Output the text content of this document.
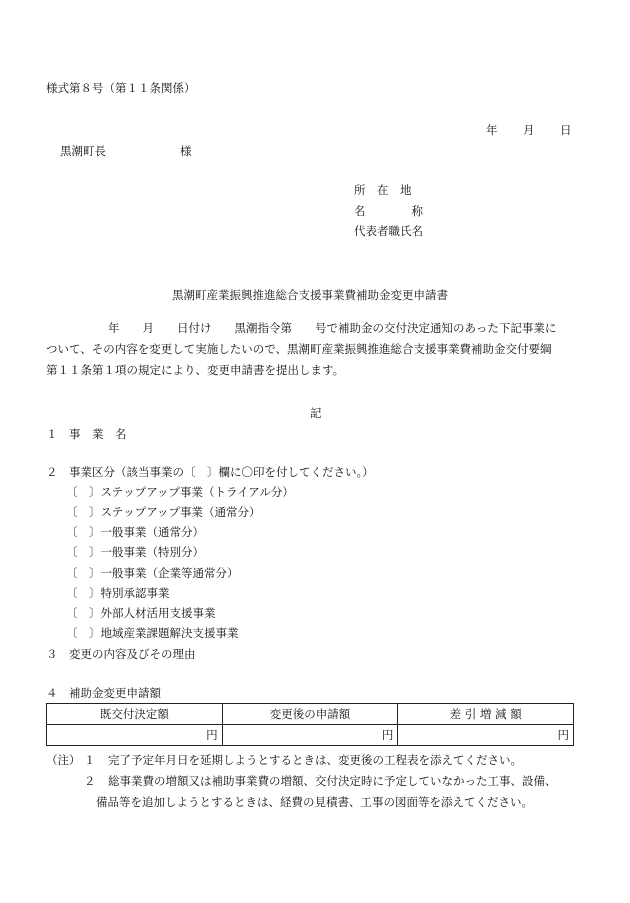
様式第８号（第１１条関係）
年 月 日
黒潮町長	様
所　在　地
名　　　　称
代表者職氏名
黒潮町産業振興推進総合支援事業費補助金変更申請書
年　　月　　日付け　　黒潮指令第　　号で補助金の交付決定通知のあった下記事業に
ついて、その内容を変更して実施したいので、黒潮町産業振興推進総合支援事業費補助金交付要綱
第１１条第１項の規定により、変更申請書を提出します。
記
１　事　業　名
２　事業区分（該当事業の〔　〕欄に〇印を付してください。）
〔　〕ステップアップ事業（トライアル分）
〔　〕ステップアップ事業（通常分）
〔　〕一般事業（通常分）
〔　〕一般事業（特別分）
〔　〕一般事業（企業等通常分）
〔　〕特別承認事業
〔　〕外部人材活用支援事業
〔　〕地域産業課題解決支援事業
３　変更の内容及びその理由
４　補助金変更申請額
既交付決定額	変更後の申請額	差 引 増 減 額
円	円	円
（注） １ 完了予定年月日を延期しようとするときは、変更後の工程表を添えてください。
２ 総事業費の増額又は補助事業費の増額、交付決定時に予定していなかった工事、設備、
備品等を追加しようとするときは、経費の見積書、工事の図面等を添えてください。
